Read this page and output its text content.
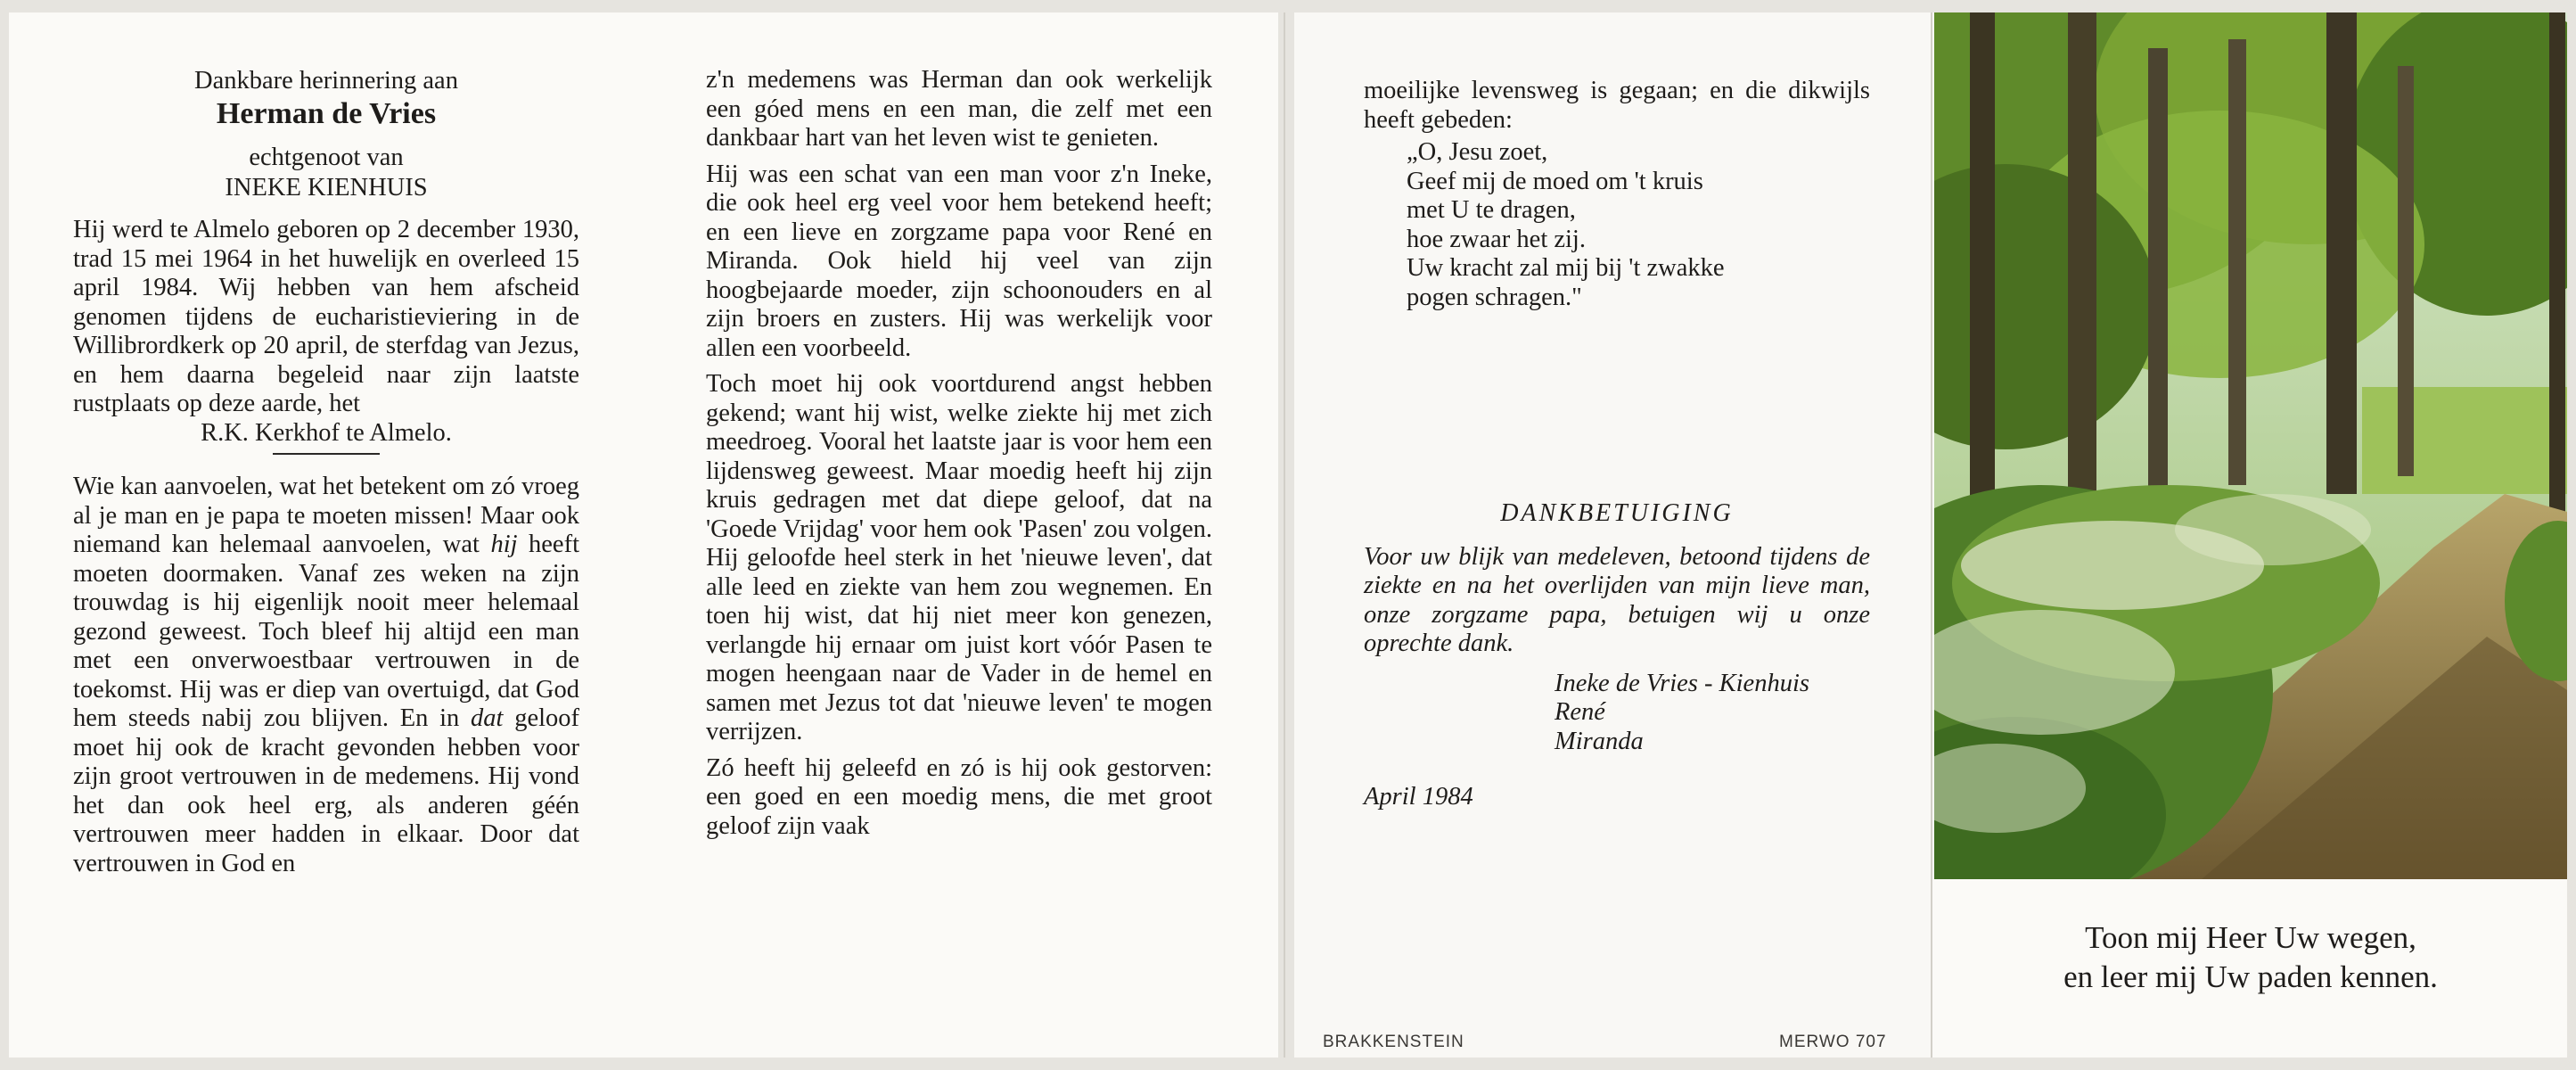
Dankbare herinnering aan
Herman de Vries
echtgenoot van
INEKE KIENHUIS

Hij werd te Almelo geboren op 2 december 1930, trad 15 mei 1964 in het huwelijk en overleed 15 april 1984. Wij hebben van hem afscheid genomen tijdens de eucharistieviering in de Willibrordkerk op 20 april, de sterfdag van Jezus, en hem daarna begeleid naar zijn laatste rustplaats op deze aarde, het

R.K. Kerkhof te Almelo.

Wie kan aanvoelen, wat het betekent om zó vroeg al je man en je papa te moeten missen! Maar ook niemand kan helemaal aanvoelen, wat hij heeft moeten doormaken. Vanaf zes weken na zijn trouwdag is hij eigenlijk nooit meer helemaal gezond geweest. Toch bleef hij altijd een man met een onverwoestbaar vertrouwen in de toekomst. Hij was er diep van overtuigd, dat God hem steeds nabij zou blijven. En in dat geloof moet hij ook de kracht gevonden hebben voor zijn groot vertrouwen in de medemens. Hij vond het dan ook heel erg, als anderen géén vertrouwen meer hadden in elkaar. Door dat vertrouwen in God en

z'n medemens was Herman dan ook werkelijk een góed mens en een man, die zelf met een dankbaar hart van het leven wist te genieten.

Hij was een schat van een man voor z'n Ineke, die ook heel erg veel voor hem betekend heeft; en een lieve en zorgzame papa voor René en Miranda. Ook hield hij veel van zijn hoogbejaarde moeder, zijn schoonouders en al zijn broers en zusters. Hij was werkelijk voor allen een voorbeeld.

Toch moet hij ook voortdurend angst hebben gekend; want hij wist, welke ziekte hij met zich meedroeg. Vooral het laatste jaar is voor hem een lijdensweg geweest. Maar moedig heeft hij zijn kruis gedragen met dat diepe geloof, dat na 'Goede Vrijdag' voor hem ook 'Pasen' zou volgen. Hij geloofde heel sterk in het 'nieuwe leven', dat alle leed en ziekte van hem zou wegnemen. En toen hij wist, dat hij niet meer kon genezen, verlangde hij ernaar om juist kort vóór Pasen te mogen heengaan naar de Vader in de hemel en samen met Jezus tot dat 'nieuwe leven' te mogen verrijzen.

Zó heeft hij geleefd en zó is hij ook gestorven: een goed en een moedig mens, die met groot geloof zijn vaak

moeilijke levensweg is gegaan; en die dikwijls heeft gebeden:

„O, Jesu zoet,
Geef mij de moed om 't kruis
met U te dragen,
hoe zwaar het zij.
Uw kracht zal mij bij 't zwakke
pogen schragen."
DANKBETUIGING

Voor uw blijk van medeleven, betoond tijdens de ziekte en na het overlijden van mijn lieve man, onze zorgzame papa, betuigen wij u onze oprechte dank.

Ineke de Vries - Kienhuis
René
Miranda
April 1984
BRAKKENSTEIN	MERWO 707
Toon mij Heer Uw wegen,
en leer mij Uw paden kennen.
